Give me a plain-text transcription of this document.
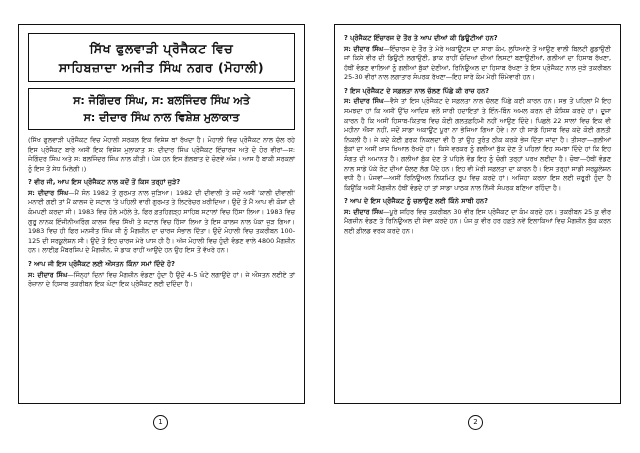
ਸਿੱਖ ਫੁਲਵਾੜੀ ਪ੍ਰੋਜੈਕਟ ਵਿਚ
ਸਾਹਿਬਜ਼ਾਦਾ ਅਜੀਤ ਸਿੰਘ ਨਗਰ (ਮੋਹਾਲੀ)
ਸ: ਜੋਗਿੰਦਰ ਸਿੰਘ, ਸ: ਬਲਜਿੰਦਰ ਸਿੰਘ ਅਤੇ
ਸ: ਦੀਦਾਰ ਸਿੰਘ ਨਾਲ ਵਿਸ਼ੇਸ਼ ਮੁਲਾਕਾਤ

(ਸਿੱਖ ਫੁਲਵਾੜੀ ਪ੍ਰੋਜੈਕਟ ਵਿਚ ਮੋਹਾਲੀ ਸਰਕਲ ਇਕ ਵਿਸ਼ੇਸ਼ ਥਾਂ ਰੱਖਦਾ ਹੈ। ਮੋਹਾਲੀ ਵਿਚ ਪ੍ਰੋਜੈਕਟ ਨਾਲ ਚੱਲ ਰਹੇ ਇਸ ਪ੍ਰੋਜੈਕਟ ਬਾਰੇ ਅਸੀਂ ਇਕ ਵਿਸ਼ੇਸ਼ ਮੁਲਾਕਾਤ ਸ: ਦੀਦਾਰ ਸਿੰਘ ਪ੍ਰੋਜੈਕਟ ਇੰਚਾਰਜ ਅਤੇ ਦੋ ਹੋਰ ਵੀਰਾਂ—ਸ: ਜੋਗਿੰਦਰ ਸਿੰਘ ਅਤੇ ਸ: ਬਲਜਿੰਦਰ ਸਿੰਘ ਨਾਲ ਕੀਤੀ। ਪੇਸ਼ ਹਨ ਇਸ ਗੱਲਬਾਤ ਦੇ ਚੋਣਵੇਂ ਅੰਸ਼। ਆਸ ਹੈ ਬਾਕੀ ਸਰਕਲਾਂ ਨੂੰ ਇਸ ਤੋਂ ਸੇਧ ਮਿਲੇਗੀ।)

? ਵੀਰ ਜੀ, ਆਪ ਇਸ ਪ੍ਰੋਜੈਕਟ ਨਾਲ ਕਦੋਂ ਤੋਂ ਕਿਸ ਤਰ੍ਹਾਂ ਜੁੜੇ?

ਸ: ਦੀਦਾਰ ਸਿੰਘ—ਮੈਂ ਸੰਨ 1982 ਤੋਂ ਗੁਰਮਤ ਨਾਲ ਜੁੜਿਆ। 1982 ਦੀ ਦੀਵਾਲੀ ਤੇ ਜਦੋਂ ਅਸੀਂ 'ਕਾਲੀ ਦੀਵਾਲੀ' ਮਨਾਈ ਗਈ ਤਾਂ ਮੈਂ ਕਾਲਜ ਦੇ ਸਟਾਲ 'ਤੇ ਪਹਿਲੀ ਵਾਰੀ ਗੁਰਮਤ ਤੇ ਲਿਟਰੇਚਰ ਖ਼ਰੀਦਿਆ। ਉਦੋਂ ਤੋਂ ਮੈਂ ਆਪ ਵੀ ਕੋਸ਼ਾਂ ਦੀ ਕੰਮਪਣੀ ਕਰਦਾ ਸੀ। 1983 ਵਿਚ ਹੋਲੇ ਮਹੱਲੇ ਤੇ, ਫਿਰ ਫ਼ਤਹਿਗੜ੍ਹ ਸਾਹਿਬ ਸਟਾਲਾਂ ਵਿਚ ਹਿੱਸਾ ਲਿਆ। 1983 ਵਿਚ ਗੁਰੂ ਨਾਨਕ ਇੰਜੀਨੀਅਰਿੰਗ ਕਾਲਜ ਵਿਚ ਸਿੱਖੀ ਤੇ ਸਟਾਲ ਵਿਚ ਹਿੱਸਾ ਲਿਆ ਤੇ ਇਸ ਕਾਲਜ ਨਾਲ ਪੱਕਾ ਜੁੜ ਗਿਆ। 1983 ਵਿਚ ਹੀ ਫਿਰ ਮਨਜੀਤ ਸਿੰਘ ਜੀ ਨੂੰ ਮੈਗਜ਼ੀਨ ਦਾ ਚਾਰਜ ਸੰਭਾਲ ਦਿੱਤਾ। ਉਦੋਂ ਮੋਹਾਲੀ ਵਿਚ ਤਕਰੀਬਨ 100-125 ਦੀ ਸਰਕੂਲੇਸ਼ਨ ਸੀ। ਉਦੋਂ ਤੋਂ ਇਹ ਚਾਰਜ ਮੇਰੇ ਪਾਸ ਹੀ ਹੈ। ਅੱਜ ਮੋਹਾਲੀ ਵਿਚ ਹੁੰਦੀ ਵੰਡਣ ਵਾਲੇ 4800 ਮੈਗਜ਼ੀਨ ਹਨ। ਲਾਈਫ਼ ਮੈਂਬਰਸ਼ਿਪ ਦੇ ਮੈਗਜ਼ੀਨ, ਜੋ ਡਾਕ ਰਾਹੀਂ ਆਉਂਦੇ ਹਨ ਉਹ ਇਸ ਤੋਂ ਵੱਖਰੇ ਹਨ।

? ਆਪ ਜੀ ਇਸ ਪ੍ਰੋਜੈਕਟ ਲਈ ਔਸਤਨ ਕਿੰਨਾ ਸਮਾਂ ਦਿੰਦੇ ਹੋ?

ਸ: ਦੀਦਾਰ ਸਿੰਘ—ਜਿੰਨ੍ਹਾਂ ਦਿਨਾਂ ਵਿਚ ਮੈਗਜ਼ੀਨ ਵੰਡਣਾ ਹੁੰਦਾ ਹੈ ਉਦੋਂ 4-5 ਘੰਟੇ ਲਗਾਉਂਦੇ ਹਾਂ। ਜੇ ਔਸਤਨ ਲਈਏ ਤਾਂ ਰੋਜ਼ਾਨਾ ਦੇ ਹਿਸਾਬ ਤਕਰੀਬਨ ਇਕ ਘੰਟਾ ਇਕ ਪ੍ਰੋਜੈਕਟ ਲਈ ਦਦਿੰਦਾ ਹੈ।

? ਪ੍ਰੋਜੈਕਟ ਇੰਚਾਰਜ ਦੇ ਤੌਰ ਤੇ ਆਪ ਦੀਆਂ ਕੀ ਡਿਊਟੀਆਂ ਹਨ?

ਸ: ਦੀਦਾਰ ਸਿੰਘ—ਇੰਚਾਰਜ ਦੇ ਤੌਰ ਤੇ ਮੇਰੇ ਅਕਾਊਂਟਸ ਦਾ ਸਾਰਾ ਕੰਮ, ਲੁਧਿਆਣੇ ਤੋਂ ਆਉਣ ਵਾਲੀ ਬਿਲਟੀ ਛੁਡਾਉਣੀ ਜਾਂ ਕਿਸੇ ਵੀਰ ਦੀ ਡਿਊਟੀ ਲਗਾਉਣੀ, ਡਾਕ ਰਾਹੀਂ ਚੰਦਿਆਂ ਦੀਆਂ ਲਿਸਟਾਂ ਬਣਾਉਣੀਆਂ, ਗਲੀਆਂ ਦਾ ਹਿਸਾਬ ਰੱਖਣਾ, ਹੱਥੀਂ ਵੰਡਣ ਵਾਲਿਆਂ ਨੂੰ ਗਲੀਆਂ ਬੁੱਕਾਂ ਦੇਣੀਆਂ, ਰਿਨਿਊਅਲ ਦਾ ਹਿਸਾਬ ਰੱਖਣਾ ਤੇ ਇਸ ਪ੍ਰੋਜੈਕਟ ਨਾਲ ਜੁੜੇ ਤਕਰੀਬਨ 25-30 ਵੀਰਾਂ ਨਾਲ ਲਗਾਤਾਰ ਸੰਪਰਕ ਰੱਖਣਾ—ਇਹ ਸਾਰੇ ਕੰਮ ਮੇਰੀ ਜ਼ਿੰਮੇਵਾਰੀ ਹਨ।

? ਇਸ ਪ੍ਰੋਜੈਕਟ ਦੇ ਸਫ਼ਲਤਾ ਨਾਲ ਚੱਲਣ ਪਿੱਛੇ ਕੀ ਰਾਜ਼ ਹਨ?

ਸ: ਦੀਦਾਰ ਸਿੰਘ—ਵੈਸੇ ਤਾਂ ਇਸ ਪ੍ਰੋਜੈਕਟ ਦੇ ਸਫ਼ਲਤਾ ਨਾਲ ਚੱਲਣ ਪਿੱਛੇ ਕਈ ਕਾਰਨ ਹਨ। ਸਭ ਤੋਂ ਪਹਿਲਾਂ ਮੈਂ ਇਹ ਸਮਝਦਾ ਹਾਂ ਕਿ ਅਸੀਂ ਉੱਚ ਆਦਿਸ਼ ਵਲੋਂ ਸਾਰੀ ਹਦਾਇਤਾਂ ਤੇ ਇੰਨ-ਬਿੰਨ ਅਮਲ ਕਰਨ ਦੀ ਕੋਸ਼ਿਸ਼ ਕਰਦੇ ਹਾਂ। ਦੂਜਾ ਕਾਰਨ ਹੈ ਕਿ ਅਸੀਂ ਹਿਸਾਬ-ਕਿਤਾਬ ਵਿਚ ਕੋਈ ਗਲਤਫ਼ਹਿਮੀ ਨਹੀਂ ਆਉਣ ਦਿੰਦੇ। ਪਿਛਲੇ 22 ਸਾਲਾਂ ਵਿਚ ਇਕ ਵੀ ਮਹੀਨਾ ਐਸਾ ਨਹੀਂ, ਜਦੋਂ ਸਾਡਾ ਅਕਾਊਂਟ ਪੂਰਾ ਨਾ ਭੇਜਿਆ ਗਿਆ ਹੋਵੇ। ਨਾ ਹੀ ਸਾਡੇ ਹਿਸਾਬ ਵਿਚ ਕਦੇ ਕੋਈ ਗਲਤੀ ਨਿਕਲੀ ਹੈ। ਜੇ ਕਦੇ ਕੋਈ ਫ਼ਰਕ ਨਿਕਲਦਾ ਵੀ ਹੈ ਤਾਂ ਉਹ ਤੁਰੰਤ ਠੀਕ ਕਰਕੇ ਭੇਜ ਦਿੱਤਾ ਜਾਂਦਾ ਹੈ। ਤੀਸਰਾ—ਗਲੀਆਂ ਬੁੱਕਾਂ ਦਾ ਅਸੀਂ ਖ਼ਾਸ ਖ਼ਿਆਲ ਰੱਖਦੇ ਹਾਂ। ਕਿਸੇ ਵਰਕਰ ਨੂੰ ਗਲੀਆਂ ਬੁੱਕ ਦੇਣ ਤੋਂ ਪਹਿਲਾਂ ਇਹ ਸਮਝਾ ਦਿੰਦੇ ਹਾਂ ਕਿ ਇਹ ਸੰਗਤ ਦੀ ਅਮਾਨਤ ਹੈ। ਗਲੀਆਂ ਬੁੱਕ ਦੇਣ ਤੋਂ ਪਹਿਲੇ ਵੰਡ ਇਹ ਨੂੰ ਚੰਗੀ ਤਰ੍ਹਾਂ ਪਰਖ ਲਈਦਾ ਹੈ। ਚੋਥਾ—ਹੱਥੀਂ ਵੰਡਣ ਨਾਲ ਸਾਡੇ ਪੱਕੇ ਰੋਟ ਦੀਆਂ ਚੱਲਣ ਲੱਗ ਪੈਂਦੇ ਹਨ। ਇਹ ਵੀ ਮੇਰੀ ਸਫ਼ਲਤਾ ਦਾ ਕਾਰਨ ਹੈ। ਇਸ ਤਰ੍ਹਾਂ ਸਾਡੀ ਸਰਕੂਲੇਸ਼ਨ ਵਧੀ ਹੈ। ਪੰਜਵਾਂ—ਅਸੀਂ ਰਿਨਿਊਅਲ ਨਿਯਮਿਤ ਰੂਪ ਵਿਚ ਕਰਦੇ ਹਾਂ। ਅਜਿਹਾ ਕਰਨਾ ਇਸ ਲਈ ਜ਼ਰੂਰੀ ਹੁੰਦਾ ਹੈ ਕਿਉਂਕਿ ਅਸੀਂ ਮੈਗਜ਼ੀਨ ਹੱਥੀਂ ਵੰਡਦੇ ਹਾਂ ਤਾਂ ਸਾਡਾ ਪਾਠਕ ਨਾਲ ਨਿੱਜੀ ਸੰਪਰਕ ਬਣਿਆ ਰਹਿੰਦਾ ਹੈ।

? ਆਪ ਦੇ ਇਸ ਪ੍ਰੋਜੈਕਟ ਨੂੰ ਚਲਾਉਣ ਲਈ ਕਿੰਨੇ ਸਾਥੀ ਹਨ?

ਸ: ਦੀਦਾਰ ਸਿੰਘ—ਪੂਰੇ ਸ਼ਹਿਰ ਵਿਚ ਤਕਰੀਬਨ 30 ਵੀਰ ਇਸ ਪ੍ਰੋਜੈਕਟ ਦਾ ਕੰਮ ਕਰਦੇ ਹਨ। ਤਕਰੀਬਨ 25 ਕੁ ਵੀਰ ਮੈਗਜ਼ੀਨ ਵੰਡਣ ਤੇ ਰਿਨਿਊਅਲ ਦੀ ਸੇਵਾ ਕਰਦੇ ਹਨ। ਪੰਜ ਕੁ ਵੀਰ ਹਰ ਹਫ਼ਤੇ ਨਵੇਂ ਇਲਾਕਿਆਂ ਵਿਚ ਮੈਗਜ਼ੀਨ ਬੁੱਕ ਕਰਨ ਲਈ ਫ਼ੀਲਡ ਵਰਕ ਕਰਦੇ ਹਨ।

1	2
